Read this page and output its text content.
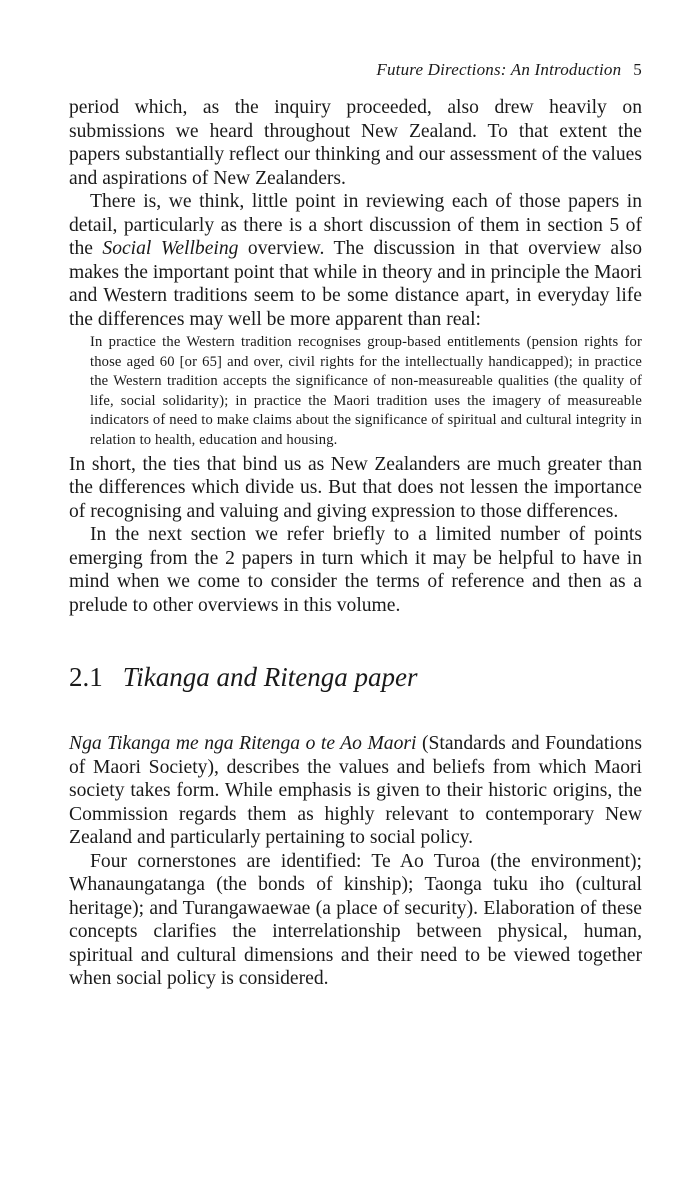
Future Directions: An Introduction 5

period which, as the inquiry proceeded, also drew heavily on submissions we heard throughout New Zealand. To that extent the papers substantially reflect our thinking and our assessment of the values and aspirations of New Zealanders.

There is, we think, little point in reviewing each of those papers in detail, particularly as there is a short discussion of them in section 5 of the Social Wellbeing overview. The discussion in that overview also makes the important point that while in theory and in principle the Maori and Western traditions seem to be some distance apart, in everyday life the differences may well be more apparent than real:

In practice the Western tradition recognises group-based entitlements (pension rights for those aged 60 [or 65] and over, civil rights for the intellectually handicapped); in practice the Western tradition accepts the significance of non-measureable qualities (the quality of life, social solidarity); in practice the Maori tradition uses the imagery of measureable indicators of need to make claims about the significance of spiritual and cultural integrity in relation to health, education and housing.

In short, the ties that bind us as New Zealanders are much greater than the differences which divide us. But that does not lessen the importance of recognising and valuing and giving expression to those differences.

In the next section we refer briefly to a limited number of points emerging from the 2 papers in turn which it may be helpful to have in mind when we come to consider the terms of reference and then as a prelude to other overviews in this volume.

2.1 Tikanga and Ritenga paper

Nga Tikanga me nga Ritenga o te Ao Maori (Standards and Foundations of Maori Society), describes the values and beliefs from which Maori society takes form. While emphasis is given to their historic origins, the Commission regards them as highly relevant to contemporary New Zealand and particularly pertaining to social policy.

Four cornerstones are identified: Te Ao Turoa (the environment); Whanaungatanga (the bonds of kinship); Taonga tuku iho (cultural heritage); and Turangawaewae (a place of security). Elaboration of these concepts clarifies the interrelationship between physical, human, spiritual and cultural dimensions and their need to be viewed together when social policy is considered.
